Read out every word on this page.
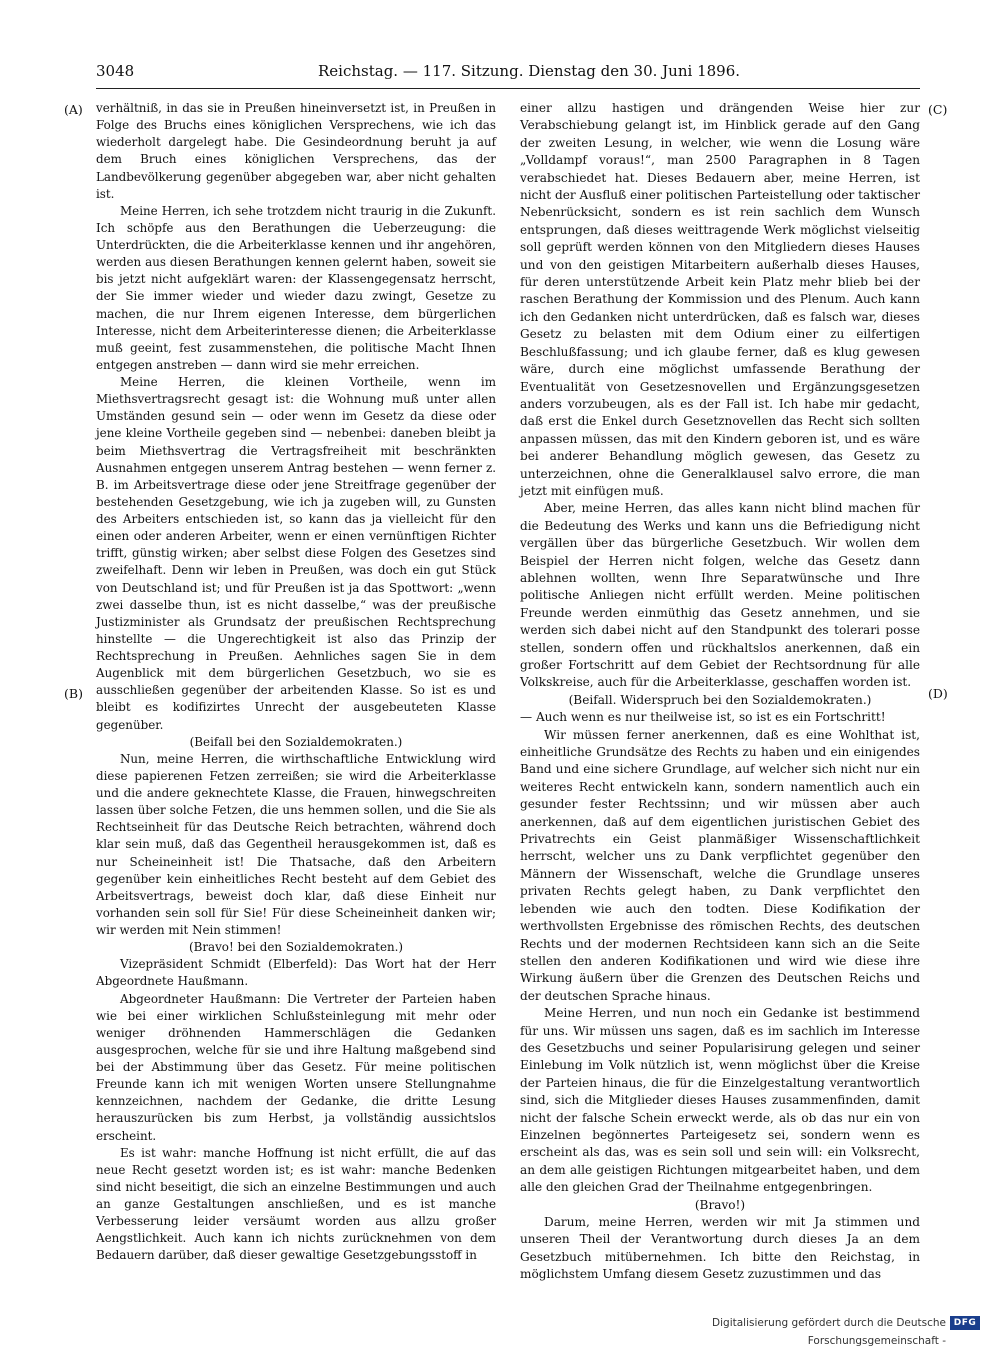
3048	Reichstag. — 117. Sitzung. Dienstag den 30. Juni 1896.
(A)
(B)
(C)
(D)

verhältniß, in das sie in Preußen hineinversetzt ist, in Preußen in Folge des Bruchs eines königlichen Versprechens, wie ich das wiederholt dargelegt habe. Die Gesindeordnung beruht ja auf dem Bruch eines königlichen Versprechens, das der Landbevölkerung gegenüber abgegeben war, aber nicht gehalten ist.

Meine Herren, ich sehe trotzdem nicht traurig in die Zukunft. Ich schöpfe aus den Berathungen die Ueberzeugung: die Unterdrückten, die die Arbeiterklasse kennen und ihr angehören, werden aus diesen Berathungen kennen gelernt haben, soweit sie bis jetzt nicht aufgeklärt waren: der Klassengegensatz herrscht, der Sie immer wieder und wieder dazu zwingt, Gesetze zu machen, die nur Ihrem eigenen Interesse, dem bürgerlichen Interesse, nicht dem Arbeiterinteresse dienen; die Arbeiterklasse muß geeint, fest zusammenstehen, die politische Macht Ihnen entgegen anstreben — dann wird sie mehr erreichen.

Meine Herren, die kleinen Vortheile, wenn im Miethsvertragsrecht gesagt ist: die Wohnung muß unter allen Umständen gesund sein — oder wenn im Gesetz da diese oder jene kleine Vortheile gegeben sind — nebenbei: daneben bleibt ja beim Miethsvertrag die Vertragsfreiheit mit beschränkten Ausnahmen entgegen unserem Antrag bestehen — wenn ferner z. B. im Arbeitsvertrage diese oder jene Streitfrage gegenüber der bestehenden Gesetzgebung, wie ich ja zugeben will, zu Gunsten des Arbeiters entschieden ist, so kann das ja vielleicht für den einen oder anderen Arbeiter, wenn er einen vernünftigen Richter trifft, günstig wirken; aber selbst diese Folgen des Gesetzes sind zweifelhaft. Denn wir leben in Preußen, was doch ein gut Stück von Deutschland ist; und für Preußen ist ja das Spottwort: „wenn zwei dasselbe thun, ist es nicht dasselbe,“ was der preußische Justizminister als Grundsatz der preußischen Rechtsprechung hinstellte — die Ungerechtigkeit ist also das Prinzip der Rechtsprechung in Preußen. Aehnliches sagen Sie in dem Augenblick mit dem bürgerlichen Gesetzbuch, wo sie es ausschließen gegenüber der arbeitenden Klasse. So ist es und bleibt es kodifizirtes Unrecht der ausgebeuteten Klasse gegenüber.

(Beifall bei den Sozialdemokraten.)

Nun, meine Herren, die wirthschaftliche Entwicklung wird diese papierenen Fetzen zerreißen; sie wird die Arbeiterklasse und die andere geknechtete Klasse, die Frauen, hinwegschreiten lassen über solche Fetzen, die uns hemmen sollen, und die Sie als Rechtseinheit für das Deutsche Reich betrachten, während doch klar sein muß, daß das Gegentheil herausgekommen ist, daß es nur Scheineinheit ist! Die Thatsache, daß den Arbeitern gegenüber kein einheitliches Recht besteht auf dem Gebiet des Arbeitsvertrags, beweist doch klar, daß diese Einheit nur vorhanden sein soll für Sie! Für diese Scheineinheit danken wir; wir werden mit Nein stimmen!

(Bravo! bei den Sozialdemokraten.)

Vizepräsident Schmidt (Elberfeld): Das Wort hat der Herr Abgeordnete Haußmann.

Abgeordneter Haußmann: Die Vertreter der Parteien haben wie bei einer wirklichen Schlußsteinlegung mit mehr oder weniger dröhnenden Hammerschlägen die Gedanken ausgesprochen, welche für sie und ihre Haltung maßgebend sind bei der Abstimmung über das Gesetz. Für meine politischen Freunde kann ich mit wenigen Worten unsere Stellungnahme kennzeichnen, nachdem der Gedanke, die dritte Lesung herauszurücken bis zum Herbst, ja vollständig aussichtslos erscheint.

Es ist wahr: manche Hoffnung ist nicht erfüllt, die auf das neue Recht gesetzt worden ist; es ist wahr: manche Bedenken sind nicht beseitigt, die sich an einzelne Bestimmungen und auch an ganze Gestaltungen anschließen, und es ist manche Verbesserung leider versäumt worden aus allzu großer Aengstlichkeit. Auch kann ich nichts zurücknehmen von dem Bedauern darüber, daß dieser gewaltige Gesetzgebungsstoff in

einer allzu hastigen und drängenden Weise hier zur Verabschiebung gelangt ist, im Hinblick gerade auf den Gang der zweiten Lesung, in welcher, wie wenn die Losung wäre „Volldampf voraus!“, man 2500 Paragraphen in 8 Tagen verabschiedet hat. Dieses Bedauern aber, meine Herren, ist nicht der Ausfluß einer politischen Parteistellung oder taktischer Nebenrücksicht, sondern es ist rein sachlich dem Wunsch entsprungen, daß dieses weittragende Werk möglichst vielseitig soll geprüft werden können von den Mitgliedern dieses Hauses und von den geistigen Mitarbeitern außerhalb dieses Hauses, für deren unterstützende Arbeit kein Platz mehr blieb bei der raschen Berathung der Kommission und des Plenum. Auch kann ich den Gedanken nicht unterdrücken, daß es falsch war, dieses Gesetz zu belasten mit dem Odium einer zu eilfertigen Beschlußfassung; und ich glaube ferner, daß es klug gewesen wäre, durch eine möglichst umfassende Berathung der Eventualität von Gesetzesnovellen und Ergänzungsgesetzen anders vorzubeugen, als es der Fall ist. Ich habe mir gedacht, daß erst die Enkel durch Gesetznovellen das Recht sich sollten anpassen müssen, das mit den Kindern geboren ist, und es wäre bei anderer Behandlung möglich gewesen, das Gesetz zu unterzeichnen, ohne die Generalklausel salvo errore, die man jetzt mit einfügen muß.

Aber, meine Herren, das alles kann nicht blind machen für die Bedeutung des Werks und kann uns die Befriedigung nicht vergällen über das bürgerliche Gesetzbuch. Wir wollen dem Beispiel der Herren nicht folgen, welche das Gesetz dann ablehnen wollten, wenn Ihre Separatwünsche und Ihre politische Anliegen nicht erfüllt werden. Meine politischen Freunde werden einmüthig das Gesetz annehmen, und sie werden sich dabei nicht auf den Standpunkt des tolerari posse stellen, sondern offen und rückhaltslos anerkennen, daß ein großer Fortschritt auf dem Gebiet der Rechtsordnung für alle Volkskreise, auch für die Arbeiterklasse, geschaffen worden ist.

(Beifall. Widerspruch bei den Sozialdemokraten.)

— Auch wenn es nur theilweise ist, so ist es ein Fortschritt!

Wir müssen ferner anerkennen, daß es eine Wohlthat ist, einheitliche Grundsätze des Rechts zu haben und ein einigendes Band und eine sichere Grundlage, auf welcher sich nicht nur ein weiteres Recht entwickeln kann, sondern namentlich auch ein gesunder fester Rechtssinn; und wir müssen aber auch anerkennen, daß auf dem eigentlichen juristischen Gebiet des Privatrechts ein Geist planmäßiger Wissenschaftlichkeit herrscht, welcher uns zu Dank verpflichtet gegenüber den Männern der Wissenschaft, welche die Grundlage unseres privaten Rechts gelegt haben, zu Dank verpflichtet den lebenden wie auch den todten. Diese Kodifikation der werthvollsten Ergebnisse des römischen Rechts, des deutschen Rechts und der modernen Rechtsideen kann sich an die Seite stellen den anderen Kodifikationen und wird wie diese ihre Wirkung äußern über die Grenzen des Deutschen Reichs und der deutschen Sprache hinaus.

Meine Herren, und nun noch ein Gedanke ist bestimmend für uns. Wir müssen uns sagen, daß es im sachlich im Interesse des Gesetzbuchs und seiner Popularisirung gelegen und seiner Einlebung im Volk nützlich ist, wenn möglichst über die Kreise der Parteien hinaus, die für die Einzelgestaltung verantwortlich sind, sich die Mitglieder dieses Hauses zusammenfinden, damit nicht der falsche Schein erweckt werde, als ob das nur ein von Einzelnen begönnertes Parteigesetz sei, sondern wenn es erscheint als das, was es sein soll und sein will: ein Volksrecht, an dem alle geistigen Richtungen mitgearbeitet haben, und dem alle den gleichen Grad der Theilnahme entgegenbringen.

(Bravo!)

Darum, meine Herren, werden wir mit Ja stimmen und unseren Theil der Verantwortung durch dieses Ja an dem Gesetzbuch mitübernehmen. Ich bitte den Reichstag, in möglichstem Umfang diesem Gesetz zuzustimmen und das

Digitalisierung gefördert durch die Deutsche Forschungsgemeinschaft -
DFG
